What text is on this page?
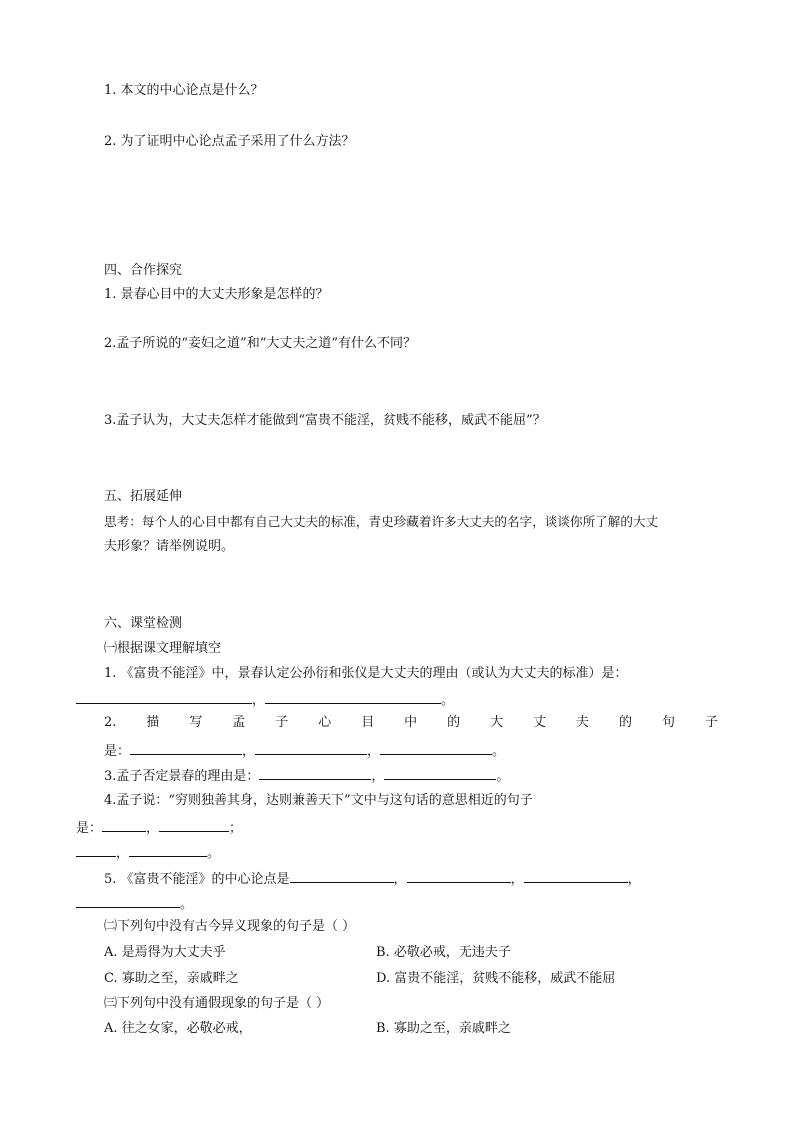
1. 本文的中心论点是什么？
2. 为了证明中心论点孟子采用了什么方法？
四、合作探究
1. 景春心目中的大丈夫形象是怎样的？
2.孟子所说的“妾妇之道”和“大丈夫之道”有什么不同？
3.孟子认为，大丈夫怎样才能做到“富贵不能淫，贫贱不能移，威武不能屈”？
五、拓展延伸
思考：每个人的心目中都有自己大丈夫的标准，青史珍藏着许多大丈夫的名字，谈谈你所了解的大丈
夫形象？请举例说明。
六、课堂检测
㈠根据课文理解填空
1. 《富贵不能淫》中，景春认定公孙衍和张仪是大丈夫的理由（或认为大丈夫的标准）是：
，	。
2. 描 写 孟 子 心 目 中 的 大 丈 夫 的 句 子
是：	，	，	。
3.孟子否定景春的理由是：	，	。
4.孟子说：“穷则独善其身，达则兼善天下”文中与这句话的意思相近的句子
是：	，	；
，	。
5. 《富贵不能淫》的中心论点是	，	，	，
。
㈡下列句中没有古今异义现象的句子是（ ）
A. 是焉得为大丈夫乎	B. 必敬必戒，无违夫子
C. 寡助之至，亲戚畔之	D. 富贵不能淫，贫贱不能移，威武不能屈
㈢下列句中没有通假现象的句子是（ ）
A. 往之女家，必敬必戒，	B. 寡助之至，亲戚畔之
